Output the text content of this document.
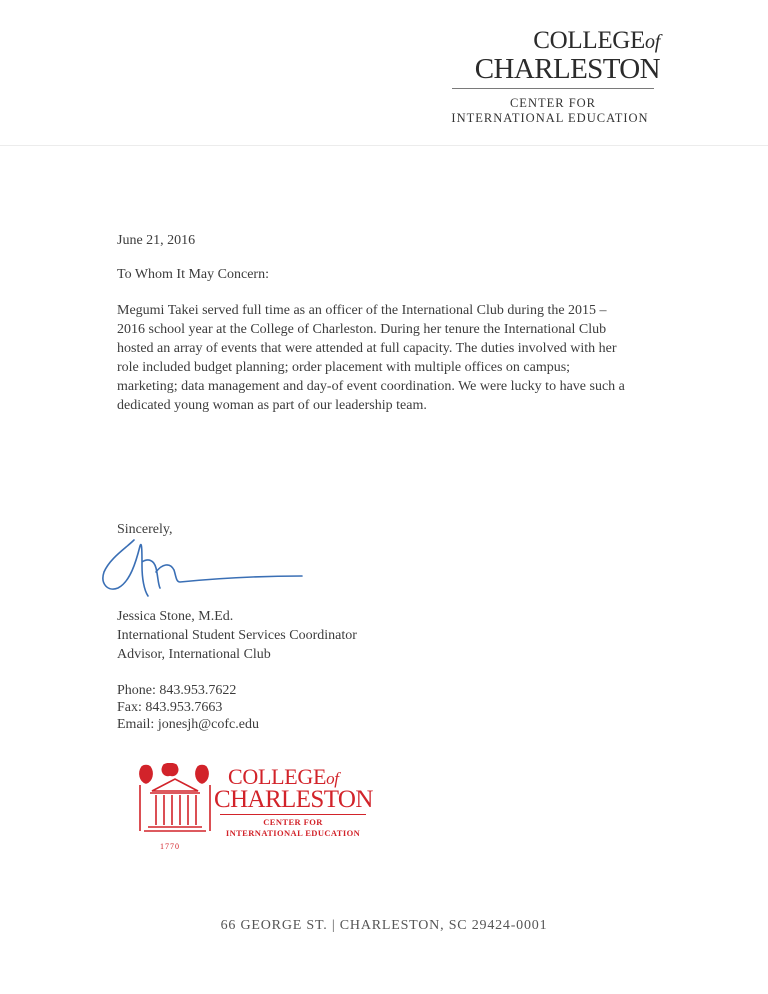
COLLEGEof
CHARLESTON
CENTER FOR
INTERNATIONAL EDUCATION
June 21, 2016
To Whom It May Concern:
Megumi Takei served full time as an officer of the International Club during the 2015 –
2016 school year at the College of Charleston. During her tenure the International Club
hosted an array of events that were attended at full capacity. The duties involved with her
role included budget planning; order placement with multiple offices on campus;
marketing; data management and day-of event coordination. We were lucky to have such a
dedicated young woman as part of our leadership team.
Sincerely,
Jessica Stone, M.Ed.
International Student Services Coordinator
Advisor, International Club
Phone: 843.953.7622
Fax: 843.953.7663
Email: jonesjh@cofc.edu
COLLEGEof
CHARLESTON
CENTER FOR
INTERNATIONAL EDUCATION
1770
66 GEORGE ST. | CHARLESTON, SC 29424-0001
